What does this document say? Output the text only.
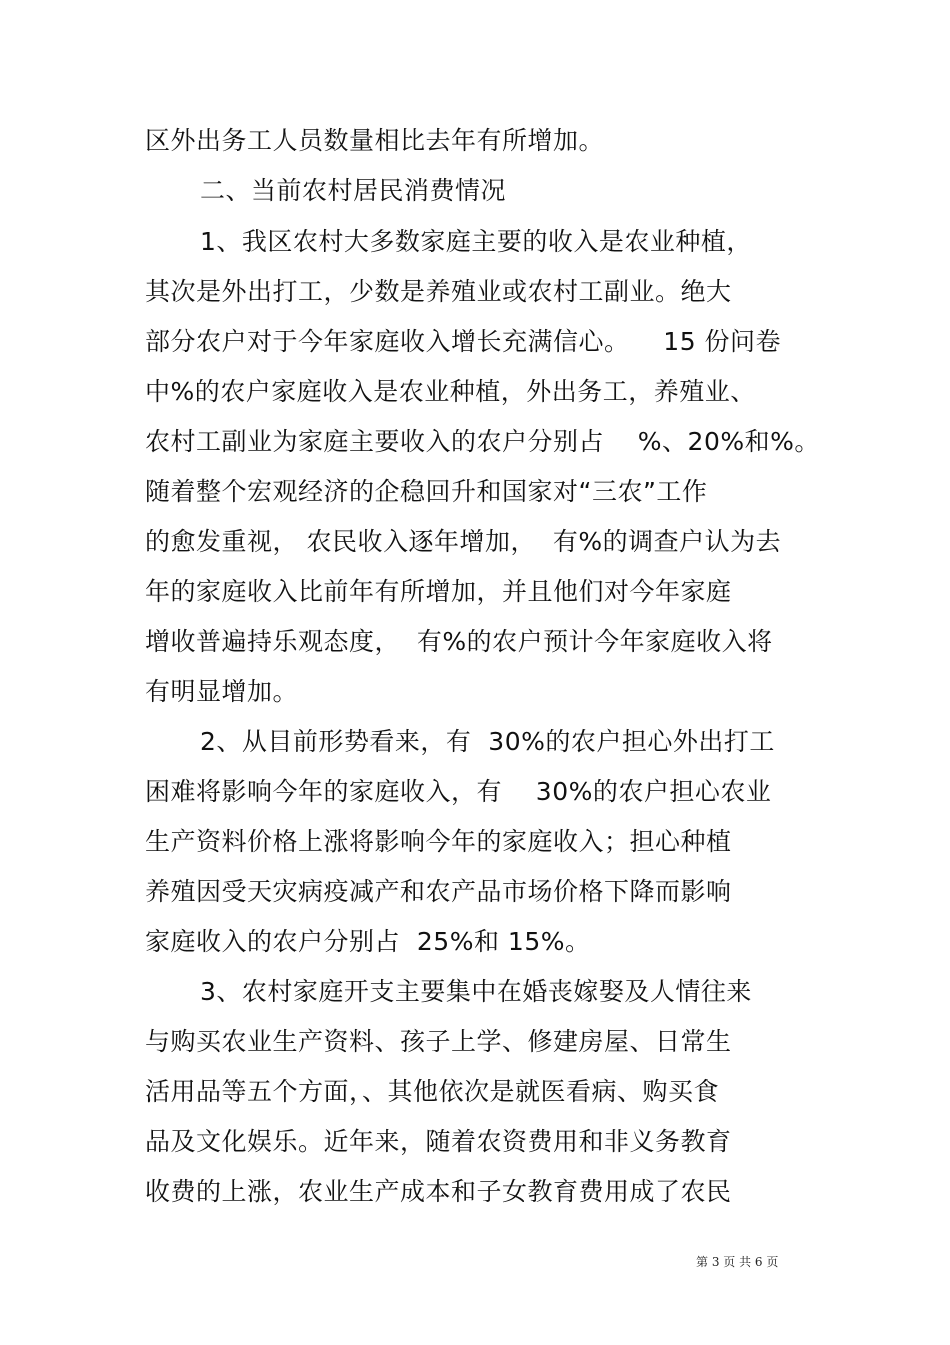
区外出务工人员数量相比去年有所增加。
二、当前农村居民消费情况
1、我区农村大多数家庭主要的收入是农业种植，
其次是外出打工，少数是养殖业或农村工副业。绝大
部分农户对于今年家庭收入增长充满信心。    15 份问卷
中%的农户家庭收入是农业种植，外出务工，养殖业、
农村工副业为家庭主要收入的农户分别占    %、20%和%。
随着整个宏观经济的企稳回升和国家对“三农”工作
的愈发重视， 农民收入逐年增加，  有%的调查户认为去
年的家庭收入比前年有所增加，并且他们对今年家庭
增收普遍持乐观态度，  有%的农户预计今年家庭收入将
有明显增加。
2、从目前形势看来，有  30%的农户担心外出打工
困难将影响今年的家庭收入，有    30%的农户担心农业
生产资料价格上涨将影响今年的家庭收入；担心种植
养殖因受天灾病疫减产和农产品市场价格下降而影响
家庭收入的农户分别占  25%和 15%。
3、农村家庭开支主要集中在婚丧嫁娶及人情往来
与购买农业生产资料、孩子上学、修建房屋、日常生
活用品等五个方面，、其他依次是就医看病、购买食
品及文化娱乐。近年来，随着农资费用和非义务教育
收费的上涨，农业生产成本和子女教育费用成了农民
第 3 页 共 6 页
